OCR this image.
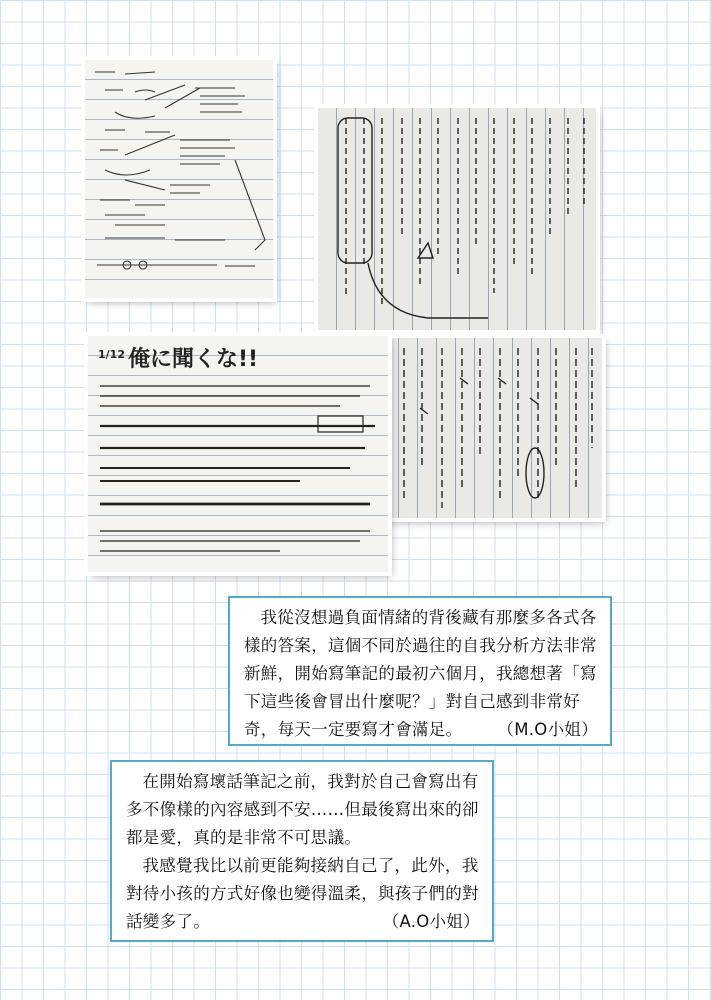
1/12 俺に聞くな!!

我從沒想過負面情緒的背後藏有那麼多各式各樣的答案，這個不同於過往的自我分析方法非常新鮮，開始寫筆記的最初六個月，我總想著「寫下這些後會冒出什麼呢？」對自己感到非常好奇，每天一定要寫才會滿足。	（M.O小姐）

在開始寫壞話筆記之前，我對於自己會寫出有多不像樣的內容感到不安……但最後寫出來的卻都是愛，真的是非常不可思議。

我感覺我比以前更能夠接納自己了，此外，我對待小孩的方式好像也變得溫柔，與孩子們的對話變多了。	（A.O小姐）
